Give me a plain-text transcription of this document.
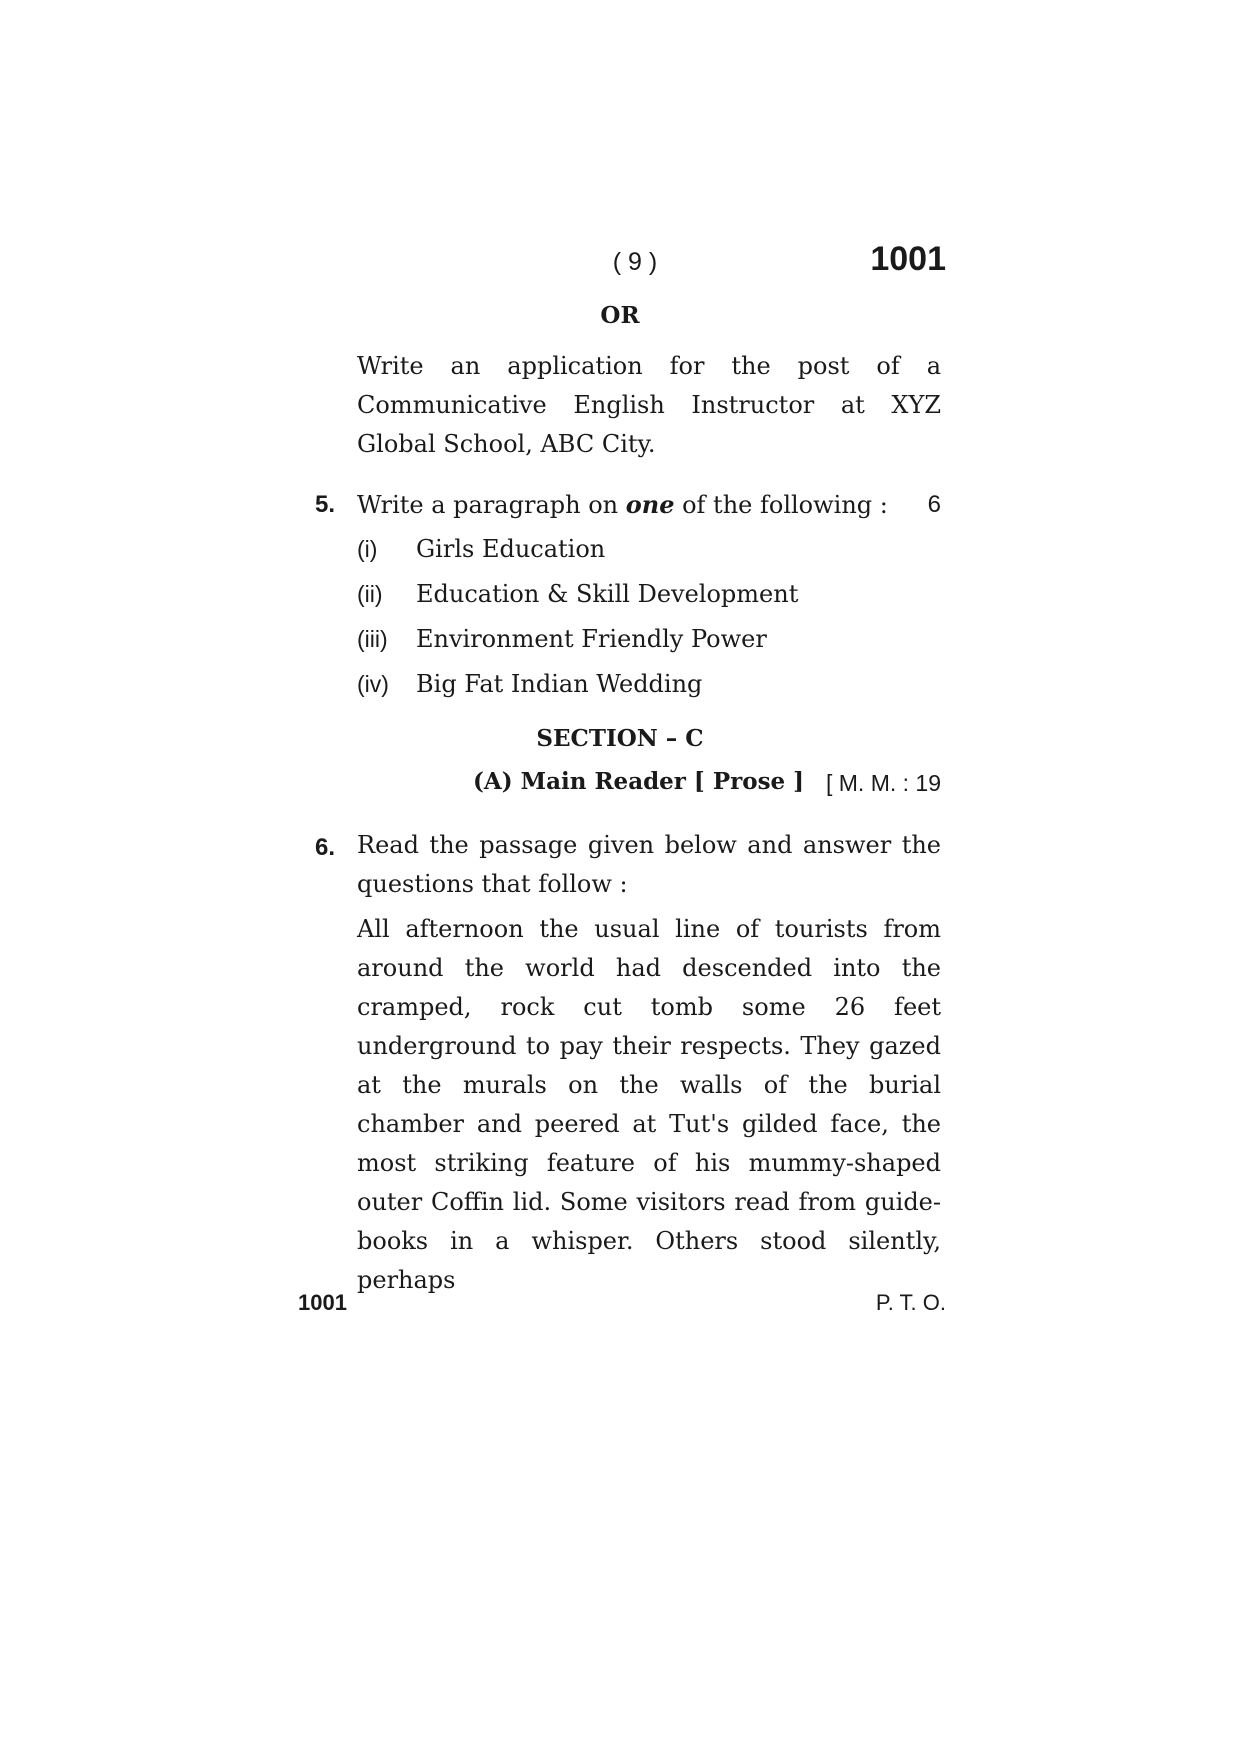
( 9 )	1001
OR
Write an application for the post of a Communicative English Instructor at XYZ Global School, ABC City.
5. Write a paragraph on one of the following :	6
(i) Girls Education
(ii) Education & Skill Development
(iii) Environment Friendly Power
(iv) Big Fat Indian Wedding
SECTION – C
(A) Main Reader [ Prose ] [ M. M. : 19
6. Read the passage given below and answer the questions that follow :
All afternoon the usual line of tourists from around the world had descended into the cramped, rock cut tomb some 26 feet underground to pay their respects. They gazed at the murals on the walls of the burial chamber and peered at Tut's gilded face, the most striking feature of his mummy-shaped outer Coffin lid. Some visitors read from guide-books in a whisper. Others stood silently, perhaps
1001	P. T. O.
